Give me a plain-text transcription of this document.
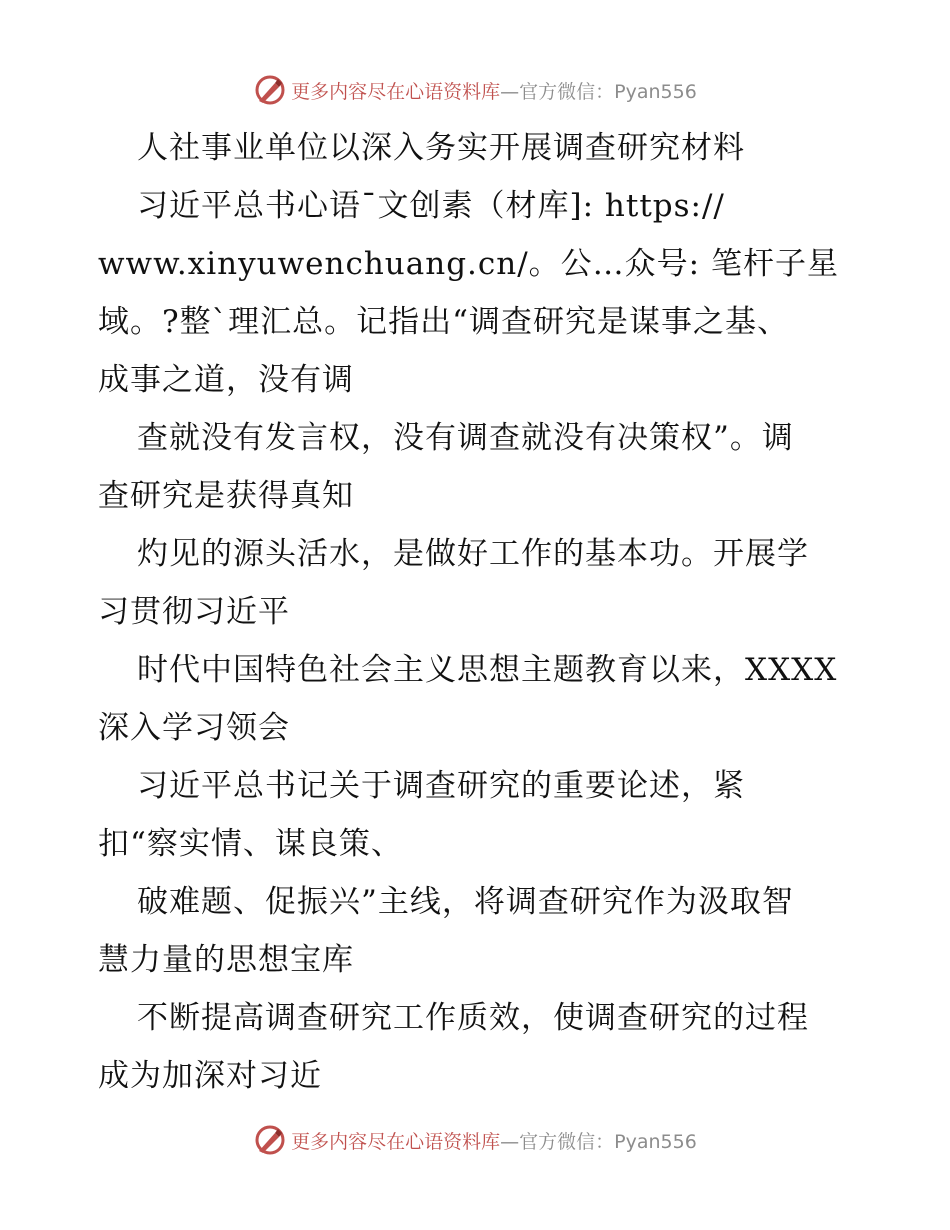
更多内容尽在心语资料库—官方微信：Pyan556
人社事业单位以深入务实开展调查研究材料
习近平总书心语¯文创素（材库]: https://
www.xinyuwenchuang.cn/。公…众号: 笔杆子星
域。?整`理汇总。记指出“调查研究是谋事之基、
成事之道，没有调
查就没有发言权，没有调查就没有决策权”。调
查研究是获得真知
灼见的源头活水，是做好工作的基本功。开展学
习贯彻习近平
时代中国特色社会主义思想主题教育以来，XXXX
深入学习领会
习近平总书记关于调查研究的重要论述，紧
扣“察实情、谋良策、
破难题、促振兴”主线，将调查研究作为汲取智
慧力量的思想宝库
不断提高调查研究工作质效，使调查研究的过程
成为加深对习近
更多内容尽在心语资料库—官方微信：Pyan556
